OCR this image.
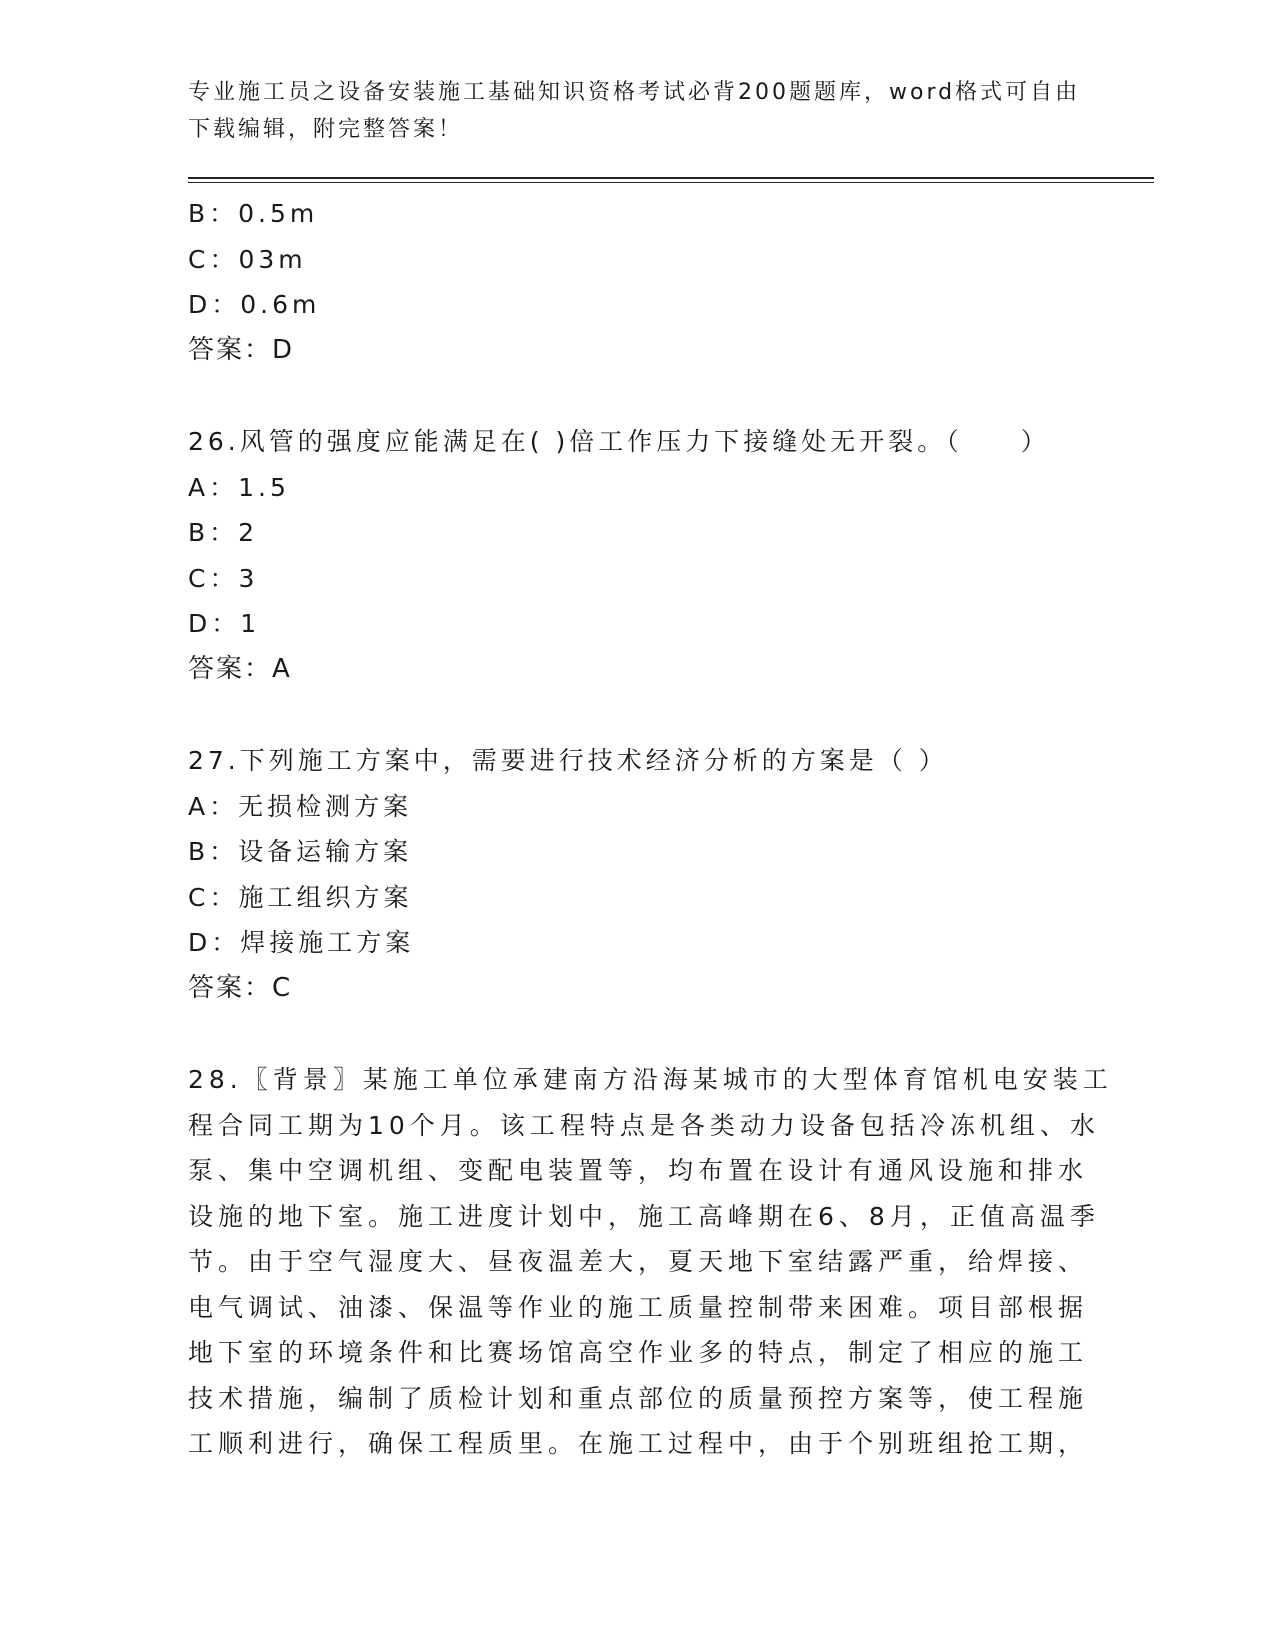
专业施工员之设备安装施工基础知识资格考试必背200题题库，word格式可自由
下载编辑，附完整答案！
B：0.5m
C：03m
D：0.6m
答案：D
26.风管的强度应能满足在( )倍工作压力下接缝处无开裂。（　　）
A：1.5
B：2
C：3
D：1
答案：A
27.下列施工方案中，需要进行技术经济分析的方案是（ ）
A：无损检测方案
B：设备运输方案
C：施工组织方案
D：焊接施工方案
答案：C
28.〖背景〗某施工单位承建南方沿海某城市的大型体育馆机电安装工
程合同工期为10个月。该工程特点是各类动力设备包括冷冻机组、水
泵、集中空调机组、变配电装置等，均布置在设计有通风设施和排水
设施的地下室。施工进度计划中，施工高峰期在6、8月，正值高温季
节。由于空气湿度大、昼夜温差大，夏天地下室结露严重，给焊接、
电气调试、油漆、保温等作业的施工质量控制带来困难。项目部根据
地下室的环境条件和比赛场馆高空作业多的特点，制定了相应的施工
技术措施，编制了质检计划和重点部位的质量预控方案等，使工程施
工顺利进行，确保工程质里。在施工过程中，由于个别班组抢工期，
